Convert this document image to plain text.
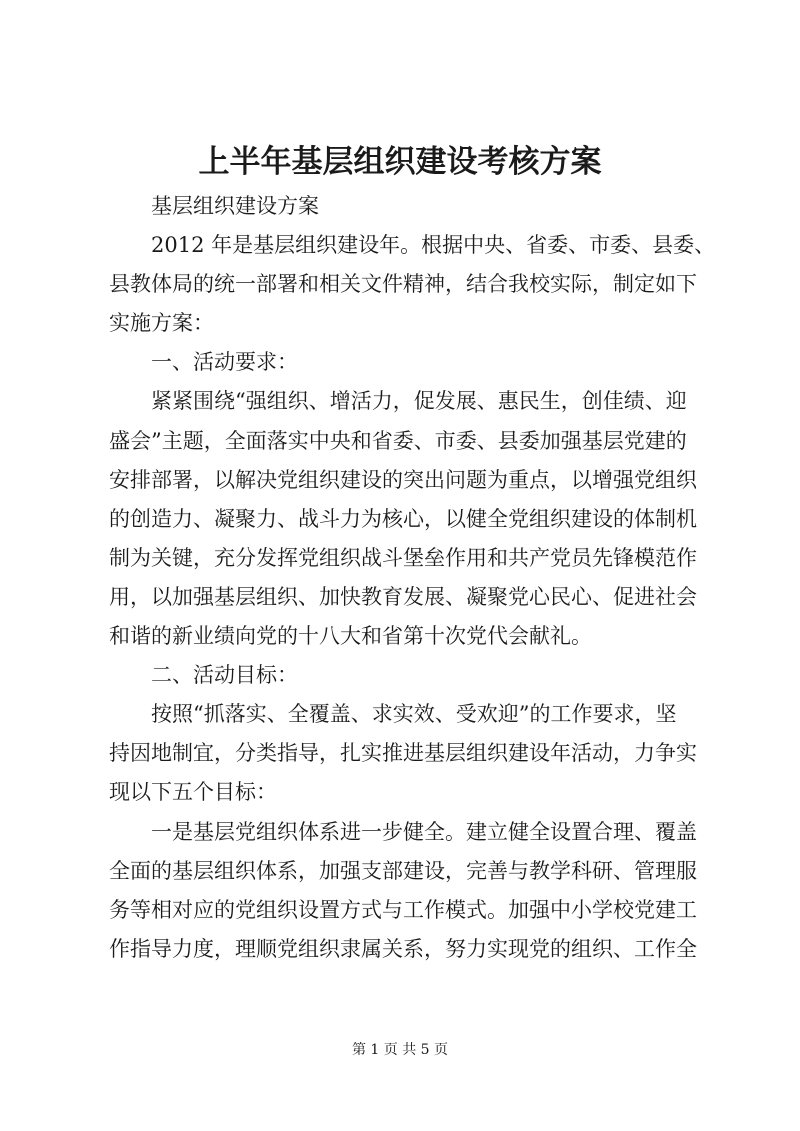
上半年基层组织建设考核方案

基层组织建设方案

2012 年是基层组织建设年。根据中央、省委、市委、县委、
县教体局的统一部署和相关文件精神，结合我校实际，制定如下
实施方案：

一、活动要求：

紧紧围绕“强组织、增活力，促发展、惠民生，创佳绩、迎
盛会”主题，全面落实中央和省委、市委、县委加强基层党建的
安排部署，以解决党组织建设的突出问题为重点，以增强党组织
的创造力、凝聚力、战斗力为核心，以健全党组织建设的体制机
制为关键，充分发挥党组织战斗堡垒作用和共产党员先锋模范作
用，以加强基层组织、加快教育发展、凝聚党心民心、促进社会
和谐的新业绩向党的十八大和省第十次党代会献礼。

二、活动目标：

按照“抓落实、全覆盖、求实效、受欢迎”的工作要求，坚
持因地制宜，分类指导，扎实推进基层组织建设年活动，力争实
现以下五个目标：

一是基层党组织体系进一步健全。建立健全设置合理、覆盖
全面的基层组织体系，加强支部建设，完善与教学科研、管理服
务等相对应的党组织设置方式与工作模式。加强中小学校党建工
作指导力度，理顺党组织隶属关系，努力实现党的组织、工作全

第 1 页 共 5 页
